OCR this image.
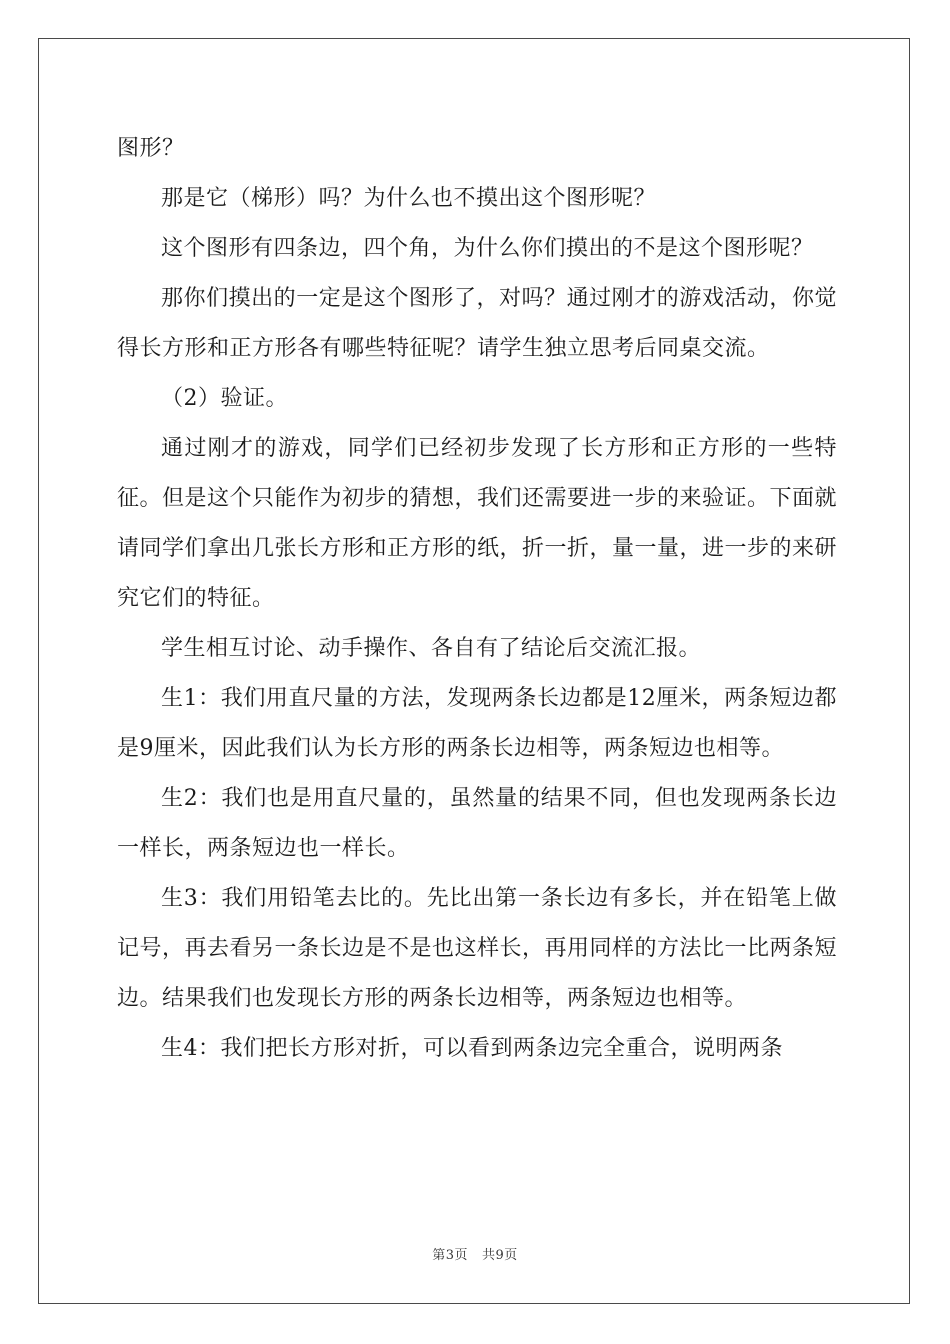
图形？

那是它（梯形）吗？为什么也不摸出这个图形呢？

这个图形有四条边，四个角，为什么你们摸出的不是这个图形呢？

那你们摸出的一定是这个图形了，对吗？通过刚才的游戏活动，你觉得长方形和正方形各有哪些特征呢？请学生独立思考后同桌交流。

（2）验证。

通过刚才的游戏，同学们已经初步发现了长方形和正方形的一些特征。但是这个只能作为初步的猜想，我们还需要进一步的来验证。下面就请同学们拿出几张长方形和正方形的纸，折一折，量一量，进一步的来研究它们的特征。

学生相互讨论、动手操作、各自有了结论后交流汇报。

生1：我们用直尺量的方法，发现两条长边都是12厘米，两条短边都是9厘米，因此我们认为长方形的两条长边相等，两条短边也相等。

生2：我们也是用直尺量的，虽然量的结果不同，但也发现两条长边一样长，两条短边也一样长。

生3：我们用铅笔去比的。先比出第一条长边有多长，并在铅笔上做记号，再去看另一条长边是不是也这样长，再用同样的方法比一比两条短边。结果我们也发现长方形的两条长边相等，两条短边也相等。

生4：我们把长方形对折，可以看到两条边完全重合，说明两条

第3页 共9页
